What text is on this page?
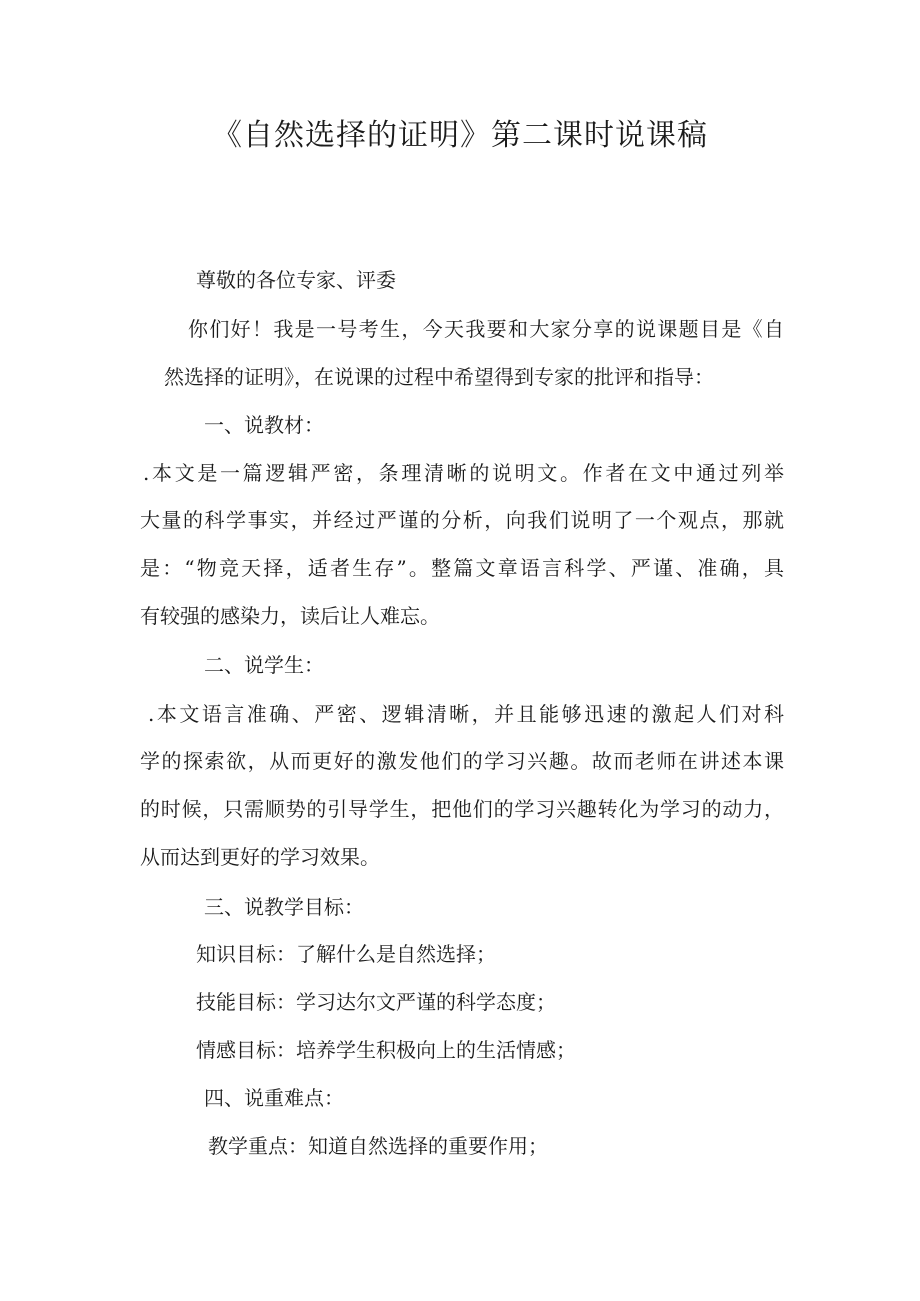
《自然选择的证明》第二课时说课稿
尊敬的各位专家、评委
你们好！我是一号考生，今天我要和大家分享的说课题目是《自
然选择的证明》，在说课的过程中希望得到专家的批评和指导：
一、说教材：
.本文是一篇逻辑严密，条理清晰的说明文。作者在文中通过列举
大量的科学事实，并经过严谨的分析，向我们说明了一个观点，那就
是：“物竞天择，适者生存”。整篇文章语言科学、严谨、准确，具
有较强的感染力，读后让人难忘。
二、说学生：
.本文语言准确、严密、逻辑清晰，并且能够迅速的激起人们对科
学的探索欲，从而更好的激发他们的学习兴趣。故而老师在讲述本课
的时候，只需顺势的引导学生，把他们的学习兴趣转化为学习的动力，
从而达到更好的学习效果。
三、说教学目标：
知识目标：了解什么是自然选择；
技能目标：学习达尔文严谨的科学态度；
情感目标：培养学生积极向上的生活情感；
四、说重难点：
教学重点：知道自然选择的重要作用；
